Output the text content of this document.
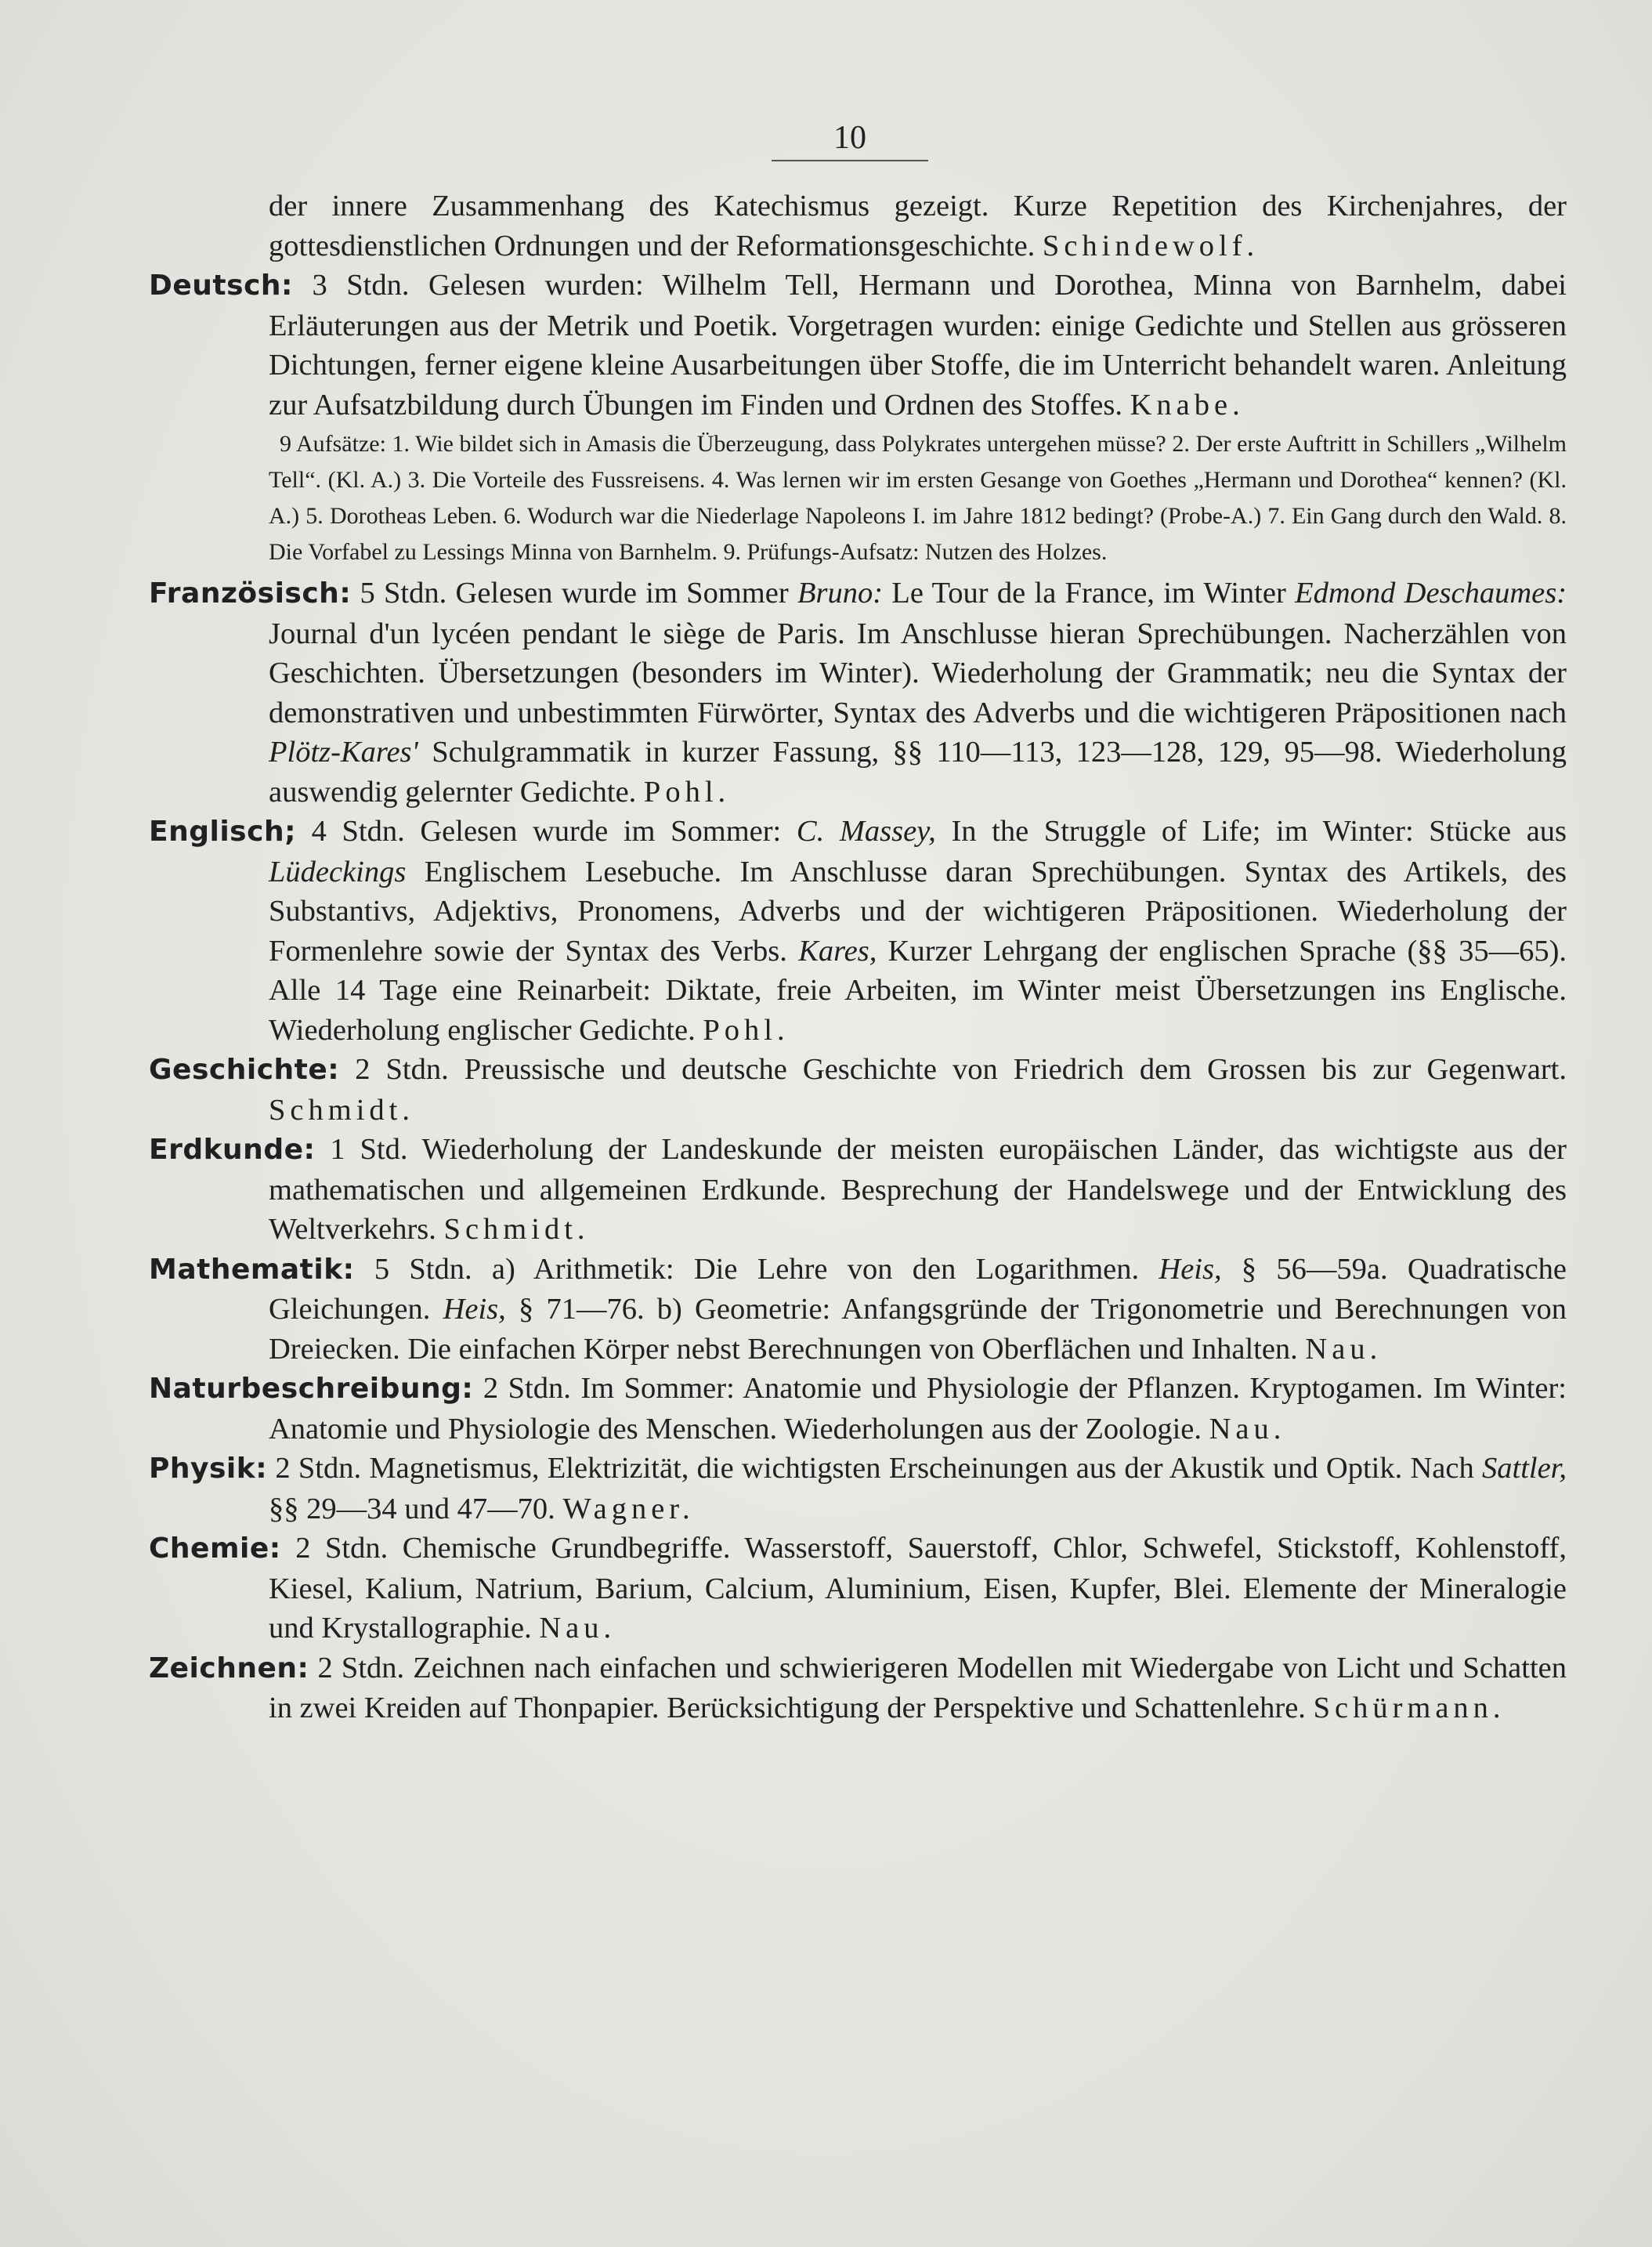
10

der innere Zusammenhang des Katechismus gezeigt. Kurze Repetition des Kirchenjahres, der gottesdienstlichen Ordnungen und der Reformationsgeschichte. Schindewolf.

Deutsch: 3 Stdn. Gelesen wurden: Wilhelm Tell, Hermann und Dorothea, Minna von Barnhelm, dabei Erläuterungen aus der Metrik und Poetik. Vorgetragen wurden: einige Gedichte und Stellen aus grösseren Dichtungen, ferner eigene kleine Ausarbeitungen über Stoffe, die im Unterricht behandelt waren. Anleitung zur Aufsatzbildung durch Übungen im Finden und Ordnen des Stoffes. Knabe.

9 Aufsätze: 1. Wie bildet sich in Amasis die Überzeugung, dass Polykrates untergehen müsse? 2. Der erste Auftritt in Schillers „Wilhelm Tell“. (Kl. A.) 3. Die Vorteile des Fussreisens. 4. Was lernen wir im ersten Gesange von Goethes „Hermann und Dorothea“ kennen? (Kl. A.) 5. Dorotheas Leben. 6. Wodurch war die Niederlage Napoleons I. im Jahre 1812 bedingt? (Probe-A.) 7. Ein Gang durch den Wald. 8. Die Vorfabel zu Lessings Minna von Barnhelm. 9. Prüfungs-Aufsatz: Nutzen des Holzes.

Französisch: 5 Stdn. Gelesen wurde im Sommer Bruno: Le Tour de la France, im Winter Edmond Deschaumes: Journal d'un lycéen pendant le siège de Paris. Im Anschlusse hieran Sprechübungen. Nacherzählen von Geschichten. Übersetzungen (besonders im Winter). Wiederholung der Grammatik; neu die Syntax der demonstrativen und unbestimmten Fürwörter, Syntax des Adverbs und die wichtigeren Präpositionen nach Plötz-Kares' Schulgrammatik in kurzer Fassung, §§ 110—113, 123—128, 129, 95—98. Wiederholung auswendig gelernter Gedichte. Pohl.

Englisch; 4 Stdn. Gelesen wurde im Sommer: C. Massey, In the Struggle of Life; im Winter: Stücke aus Lüdeckings Englischem Lesebuche. Im Anschlusse daran Sprechübungen. Syntax des Artikels, des Substantivs, Adjektivs, Pronomens, Adverbs und der wichtigeren Präpositionen. Wiederholung der Formenlehre sowie der Syntax des Verbs. Kares, Kurzer Lehrgang der englischen Sprache (§§ 35—65). Alle 14 Tage eine Reinarbeit: Diktate, freie Arbeiten, im Winter meist Übersetzungen ins Englische. Wiederholung englischer Gedichte. Pohl.

Geschichte: 2 Stdn. Preussische und deutsche Geschichte von Friedrich dem Grossen bis zur Gegenwart. Schmidt.

Erdkunde: 1 Std. Wiederholung der Landeskunde der meisten europäischen Länder, das wichtigste aus der mathematischen und allgemeinen Erdkunde. Besprechung der Handelswege und der Entwicklung des Weltverkehrs. Schmidt.

Mathematik: 5 Stdn. a) Arithmetik: Die Lehre von den Logarithmen. Heis, § 56—59a. Quadratische Gleichungen. Heis, § 71—76. b) Geometrie: Anfangsgründe der Trigonometrie und Berechnungen von Dreiecken. Die einfachen Körper nebst Berechnungen von Oberflächen und Inhalten. Nau.

Naturbeschreibung: 2 Stdn. Im Sommer: Anatomie und Physiologie der Pflanzen. Kryptogamen. Im Winter: Anatomie und Physiologie des Menschen. Wiederholungen aus der Zoologie. Nau.

Physik: 2 Stdn. Magnetismus, Elektrizität, die wichtigsten Erscheinungen aus der Akustik und Optik. Nach Sattler, §§ 29—34 und 47—70. Wagner.

Chemie: 2 Stdn. Chemische Grundbegriffe. Wasserstoff, Sauerstoff, Chlor, Schwefel, Stickstoff, Kohlenstoff, Kiesel, Kalium, Natrium, Barium, Calcium, Aluminium, Eisen, Kupfer, Blei. Elemente der Mineralogie und Krystallographie. Nau.

Zeichnen: 2 Stdn. Zeichnen nach einfachen und schwierigeren Modellen mit Wiedergabe von Licht und Schatten in zwei Kreiden auf Thonpapier. Berücksichtigung der Perspektive und Schattenlehre. Schürmann.
